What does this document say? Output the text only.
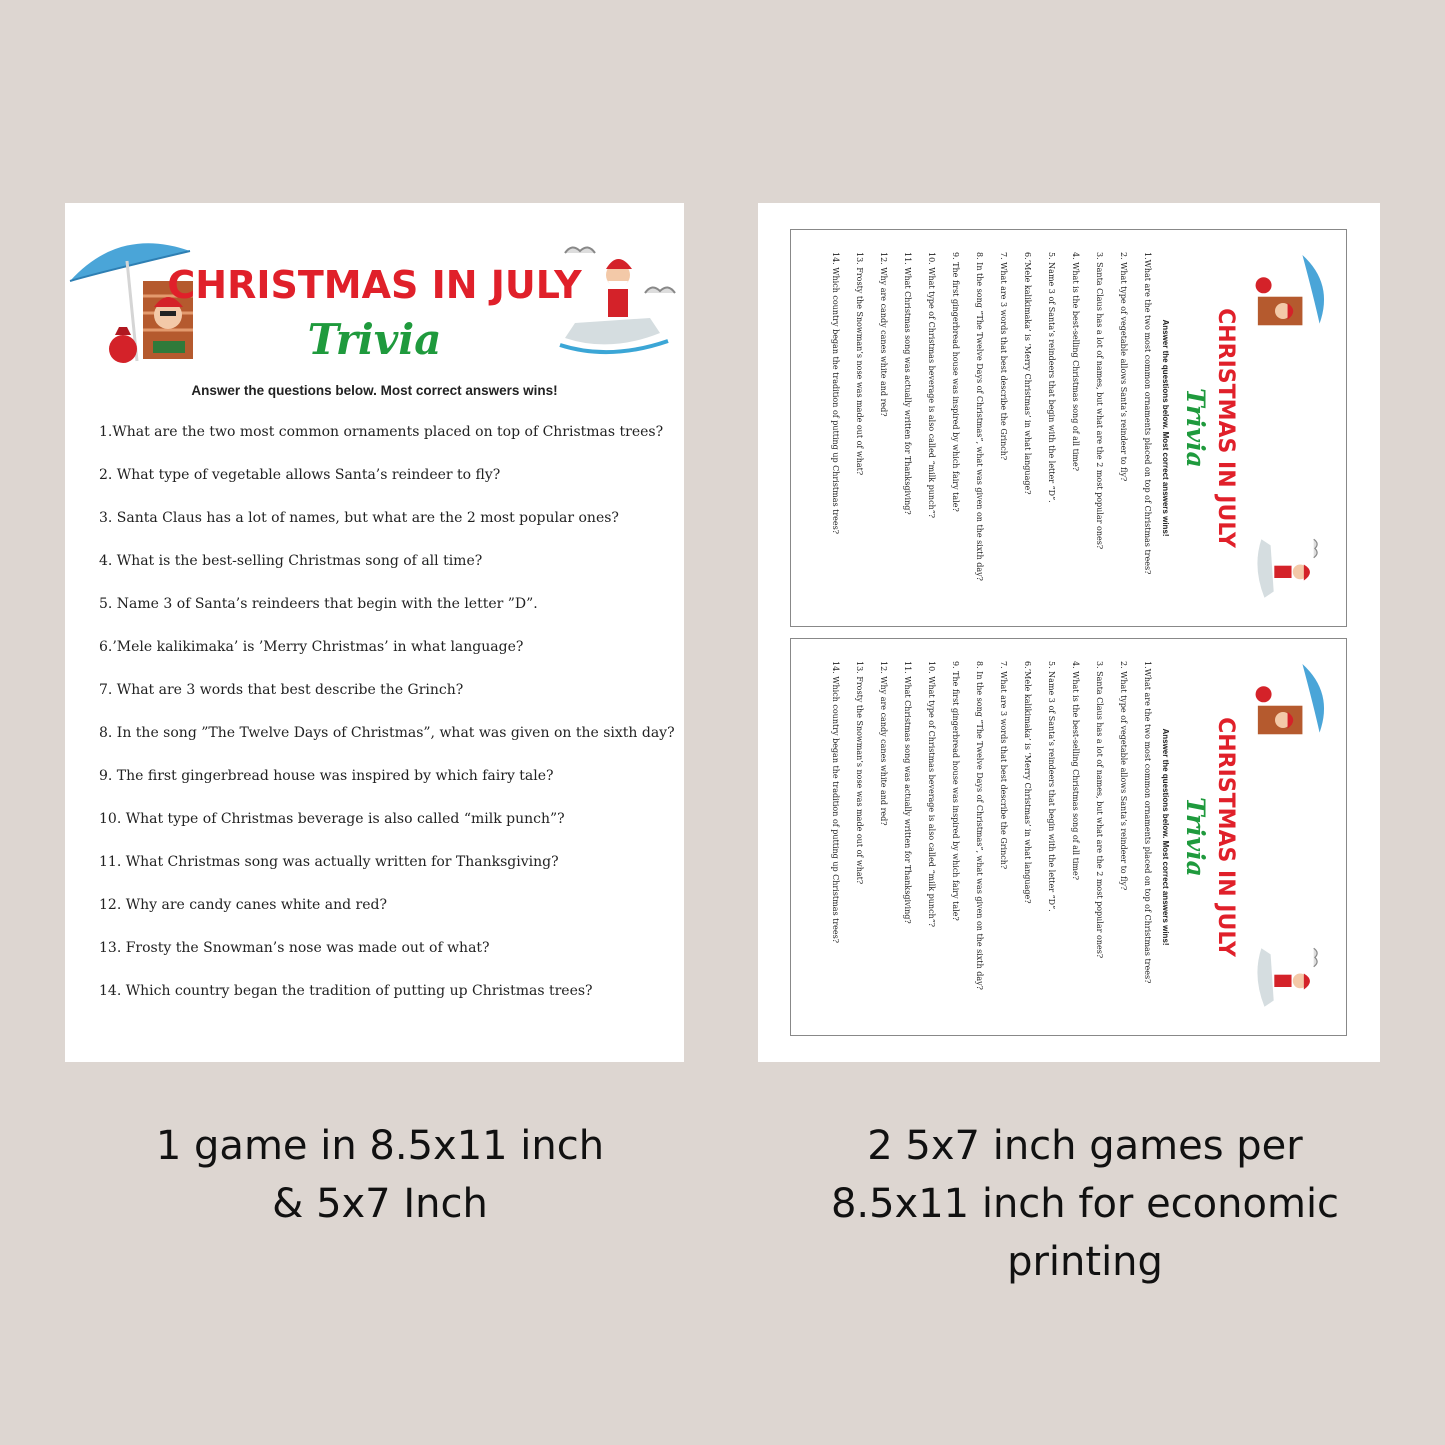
CHRISTMAS IN JULY
Trivia
Answer the questions below. Most correct answers wins!
1.What are the two most common ornaments placed on top of Christmas trees?
2. What type of vegetable allows Santa’s reindeer to fly?
3. Santa Claus has a lot of names, but what are the 2 most popular ones?
4. What is the best-selling Christmas song of all time?
5. Name 3 of Santa’s reindeers that begin with the letter ”D”.
6.’Mele kalikimaka’ is ’Merry Christmas’ in what language?
7. What are 3 words that best describe the Grinch?
8. In the song ”The Twelve Days of Christmas”, what was given on the sixth day?
9. The first gingerbread house was inspired by which fairy tale?
10. What type of Christmas beverage is also called “milk punch”?
11. What Christmas song was actually written for Thanksgiving?
12. Why are candy canes white and red?
13. Frosty the Snowman’s nose was made out of what?
14. Which country began the tradition of putting up Christmas trees?
CHRISTMAS IN JULY
Trivia
Answer the questions below. Most correct answers wins!
1.What are the two most common ornaments placed on top of Christmas trees?
2. What type of vegetable allows Santa’s reindeer to fly?
3. Santa Claus has a lot of names, but what are the 2 most popular ones?
4. What is the best-selling Christmas song of all time?
5. Name 3 of Santa’s reindeers that begin with the letter ”D”.
6.’Mele kalikimaka’ is ’Merry Christmas’ in what language?
7. What are 3 words that best describe the Grinch?
8. In the song ”The Twelve Days of Christmas”, what was given on the sixth day?
9. The first gingerbread house was inspired by which fairy tale?
10. What type of Christmas beverage is also called “milk punch”?
11. What Christmas song was actually written for Thanksgiving?
12. Why are candy canes white and red?
13. Frosty the Snowman’s nose was made out of what?
14. Which country began the tradition of putting up Christmas trees?
CHRISTMAS IN JULY
Trivia
Answer the questions below. Most correct answers wins!
1.What are the two most common ornaments placed on top of Christmas trees?
2. What type of vegetable allows Santa’s reindeer to fly?
3. Santa Claus has a lot of names, but what are the 2 most popular ones?
4. What is the best-selling Christmas song of all time?
5. Name 3 of Santa’s reindeers that begin with the letter ”D”.
6.’Mele kalikimaka’ is ’Merry Christmas’ in what language?
7. What are 3 words that best describe the Grinch?
8. In the song ”The Twelve Days of Christmas”, what was given on the sixth day?
9. The first gingerbread house was inspired by which fairy tale?
10. What type of Christmas beverage is also called “milk punch”?
11. What Christmas song was actually written for Thanksgiving?
12. Why are candy canes white and red?
13. Frosty the Snowman’s nose was made out of what?
14. Which country began the tradition of putting up Christmas trees?
1 game in 8.5x11 inch
& 5x7 Inch
2 5x7 inch games per
8.5x11 inch for economic
printing
